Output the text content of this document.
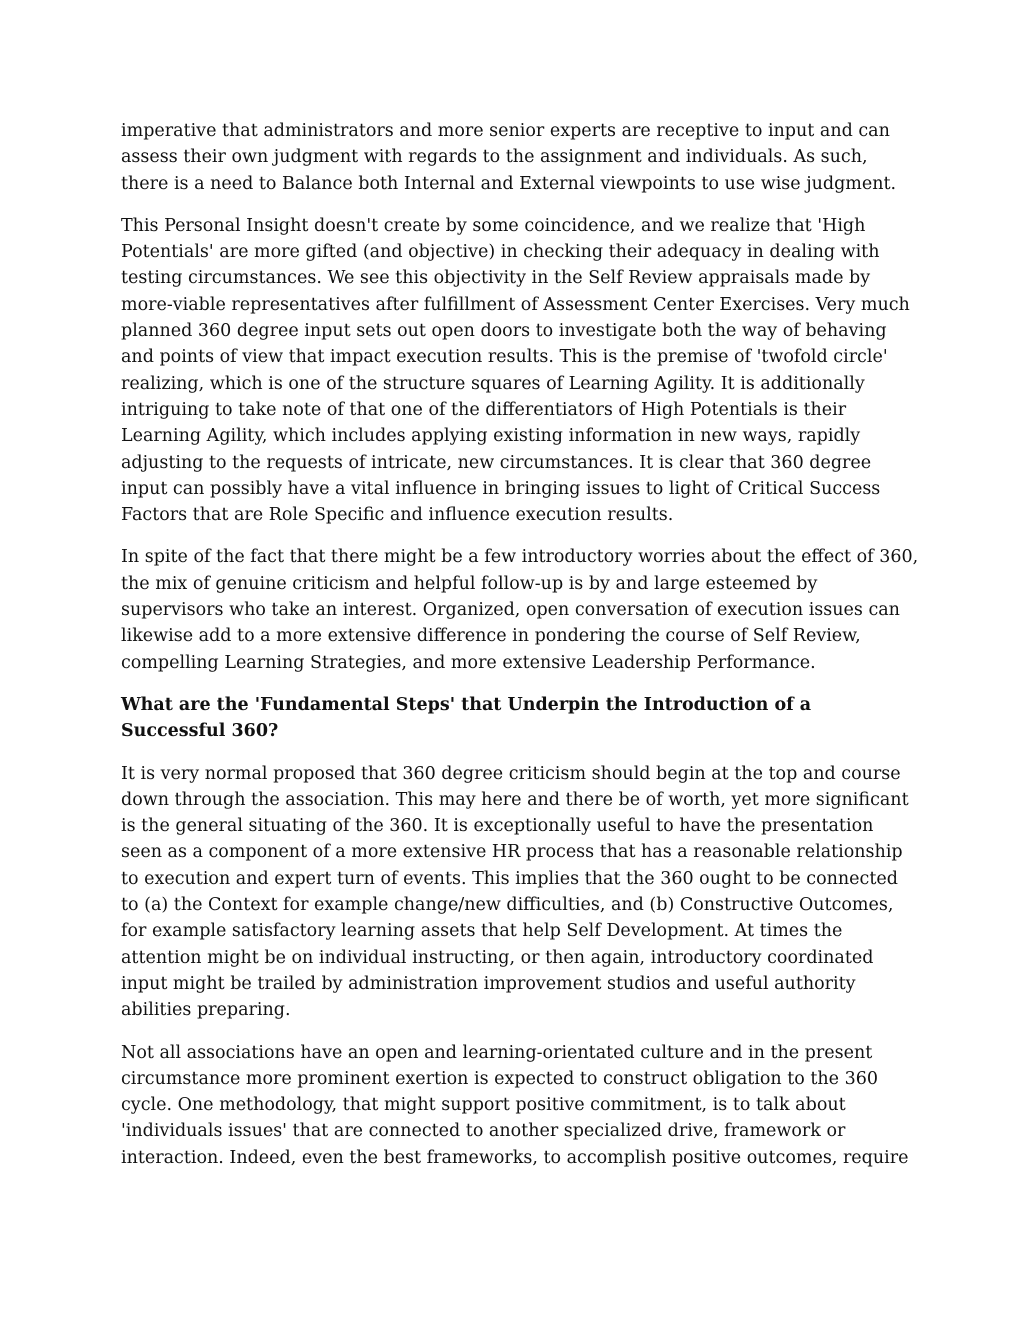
imperative that administrators and more senior experts are receptive to input and can
assess their own judgment with regards to the assignment and individuals. As such,
there is a need to Balance both Internal and External viewpoints to use wise judgment.
This Personal Insight doesn't create by some coincidence, and we realize that 'High
Potentials' are more gifted (and objective) in checking their adequacy in dealing with
testing circumstances. We see this objectivity in the Self Review appraisals made by
more-viable representatives after fulfillment of Assessment Center Exercises. Very much
planned 360 degree input sets out open doors to investigate both the way of behaving
and points of view that impact execution results. This is the premise of 'twofold circle'
realizing, which is one of the structure squares of Learning Agility. It is additionally
intriguing to take note of that one of the differentiators of High Potentials is their
Learning Agility, which includes applying existing information in new ways, rapidly
adjusting to the requests of intricate, new circumstances. It is clear that 360 degree
input can possibly have a vital influence in bringing issues to light of Critical Success
Factors that are Role Specific and influence execution results.
In spite of the fact that there might be a few introductory worries about the effect of 360,
the mix of genuine criticism and helpful follow-up is by and large esteemed by
supervisors who take an interest. Organized, open conversation of execution issues can
likewise add to a more extensive difference in pondering the course of Self Review,
compelling Learning Strategies, and more extensive Leadership Performance.
What are the 'Fundamental Steps' that Underpin the Introduction of a
Successful 360?
It is very normal proposed that 360 degree criticism should begin at the top and course
down through the association. This may here and there be of worth, yet more significant
is the general situating of the 360. It is exceptionally useful to have the presentation
seen as a component of a more extensive HR process that has a reasonable relationship
to execution and expert turn of events. This implies that the 360 ought to be connected
to (a) the Context for example change/new difficulties, and (b) Constructive Outcomes,
for example satisfactory learning assets that help Self Development. At times the
attention might be on individual instructing, or then again, introductory coordinated
input might be trailed by administration improvement studios and useful authority
abilities preparing.
Not all associations have an open and learning-orientated culture and in the present
circumstance more prominent exertion is expected to construct obligation to the 360
cycle. One methodology, that might support positive commitment, is to talk about
'individuals issues' that are connected to another specialized drive, framework or
interaction. Indeed, even the best frameworks, to accomplish positive outcomes, require
